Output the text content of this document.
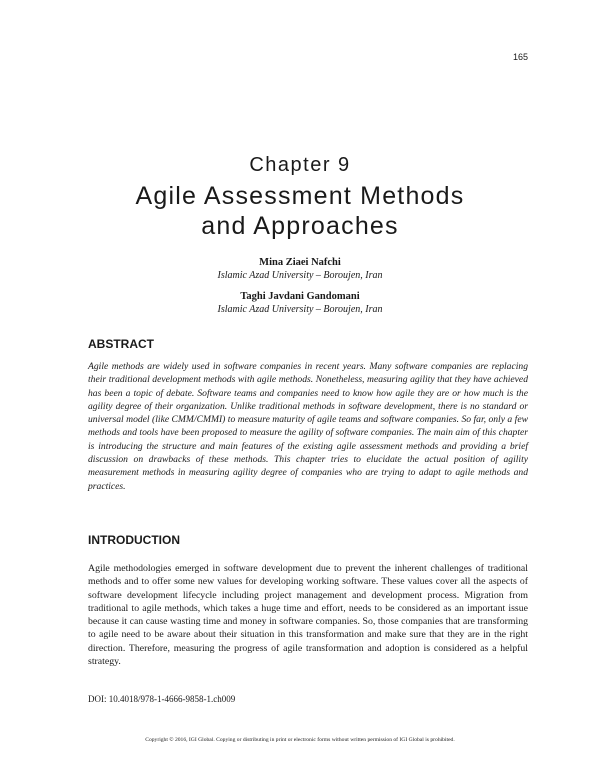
165
Chapter 9
Agile Assessment Methods
and Approaches
Mina Ziaei Nafchi
Islamic Azad University – Boroujen, Iran
Taghi Javdani Gandomani
Islamic Azad University – Boroujen, Iran
ABSTRACT
Agile methods are widely used in software companies in recent years. Many software companies are replacing their traditional development methods with agile methods. Nonetheless, measuring agility that they have achieved has been a topic of debate. Software teams and companies need to know how agile they are or how much is the agility degree of their organization. Unlike traditional methods in software development, there is no standard or universal model (like CMM/CMMI) to measure maturity of agile teams and software companies. So far, only a few methods and tools have been proposed to measure the agility of software companies. The main aim of this chapter is introducing the structure and main features of the existing agile assessment methods and providing a brief discussion on drawbacks of these methods. This chapter tries to elucidate the actual position of agility measurement methods in measuring agility degree of companies who are trying to adapt to agile methods and practices.
INTRODUCTION
Agile methodologies emerged in software development due to prevent the inherent challenges of traditional methods and to offer some new values for developing working software. These values cover all the aspects of software development lifecycle including project management and development process. Migration from traditional to agile methods, which takes a huge time and effort, needs to be considered as an important issue because it can cause wasting time and money in software companies. So, those companies that are transforming to agile need to be aware about their situation in this transformation and make sure that they are in the right direction. Therefore, measuring the progress of agile transformation and adoption is considered as a helpful strategy.
DOI: 10.4018/978-1-4666-9858-1.ch009
Copyright © 2016, IGI Global. Copying or distributing in print or electronic forms without written permission of IGI Global is prohibited.
